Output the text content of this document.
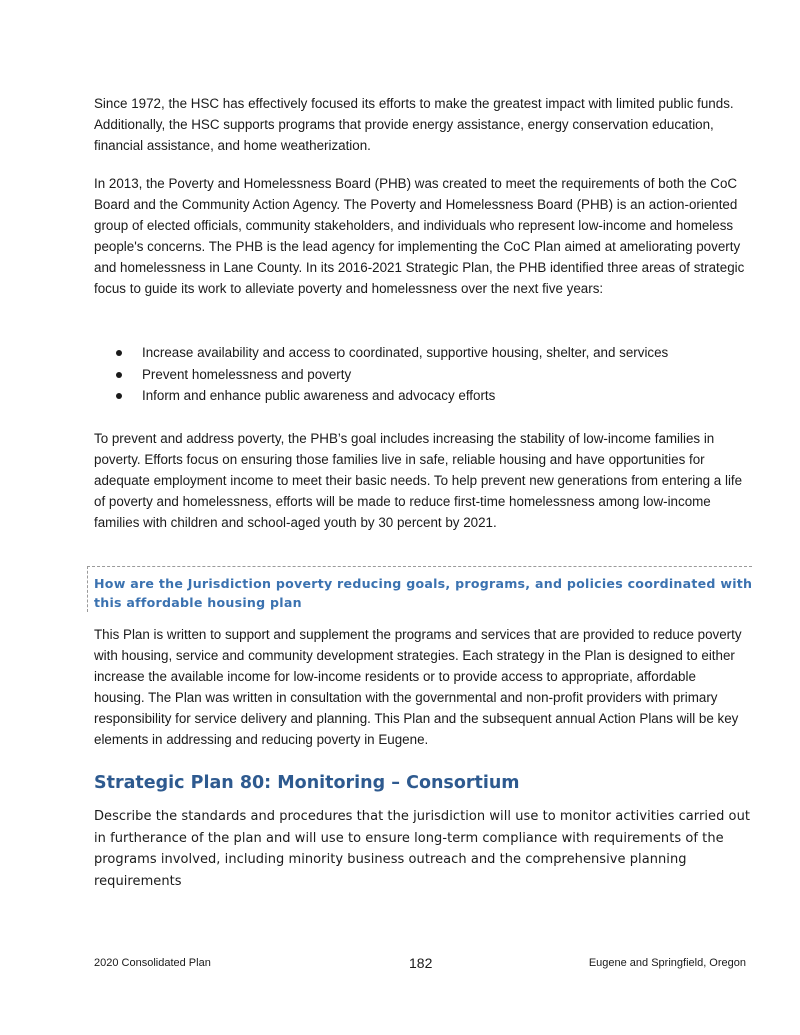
Since 1972, the HSC has effectively focused its efforts to make the greatest impact with limited public funds. Additionally, the HSC supports programs that provide energy assistance, energy conservation education, financial assistance, and home weatherization.

In 2013, the Poverty and Homelessness Board (PHB) was created to meet the requirements of both the CoC Board and the Community Action Agency. The Poverty and Homelessness Board (PHB) is an action-oriented group of elected officials, community stakeholders, and individuals who represent low-income and homeless people's concerns. The PHB is the lead agency for implementing the CoC Plan aimed at ameliorating poverty and homelessness in Lane County. In its 2016-2021 Strategic Plan, the PHB identified three areas of strategic focus to guide its work to alleviate poverty and homelessness over the next five years:

Increase availability and access to coordinated, supportive housing, shelter, and services
Prevent homelessness and poverty
Inform and enhance public awareness and advocacy efforts

To prevent and address poverty, the PHB’s goal includes increasing the stability of low-income families in poverty. Efforts focus on ensuring those families live in safe, reliable housing and have opportunities for adequate employment income to meet their basic needs. To help prevent new generations from entering a life of poverty and homelessness, efforts will be made to reduce first-time homelessness among low-income families with children and school-aged youth by 30 percent by 2021.

How are the Jurisdiction poverty reducing goals, programs, and policies coordinated with this affordable housing plan

This Plan is written to support and supplement the programs and services that are provided to reduce poverty with housing, service and community development strategies. Each strategy in the Plan is designed to either increase the available income for low-income residents or to provide access to appropriate, affordable housing. The Plan was written in consultation with the governmental and non-profit providers with primary responsibility for service delivery and planning. This Plan and the subsequent annual Action Plans will be key elements in addressing and reducing poverty in Eugene.

Strategic Plan 80: Monitoring – Consortium

Describe the standards and procedures that the jurisdiction will use to monitor activities carried out in furtherance of the plan and will use to ensure long-term compliance with requirements of the programs involved, including minority business outreach and the comprehensive planning requirements

2020 Consolidated Plan	182	Eugene and Springfield, Oregon
